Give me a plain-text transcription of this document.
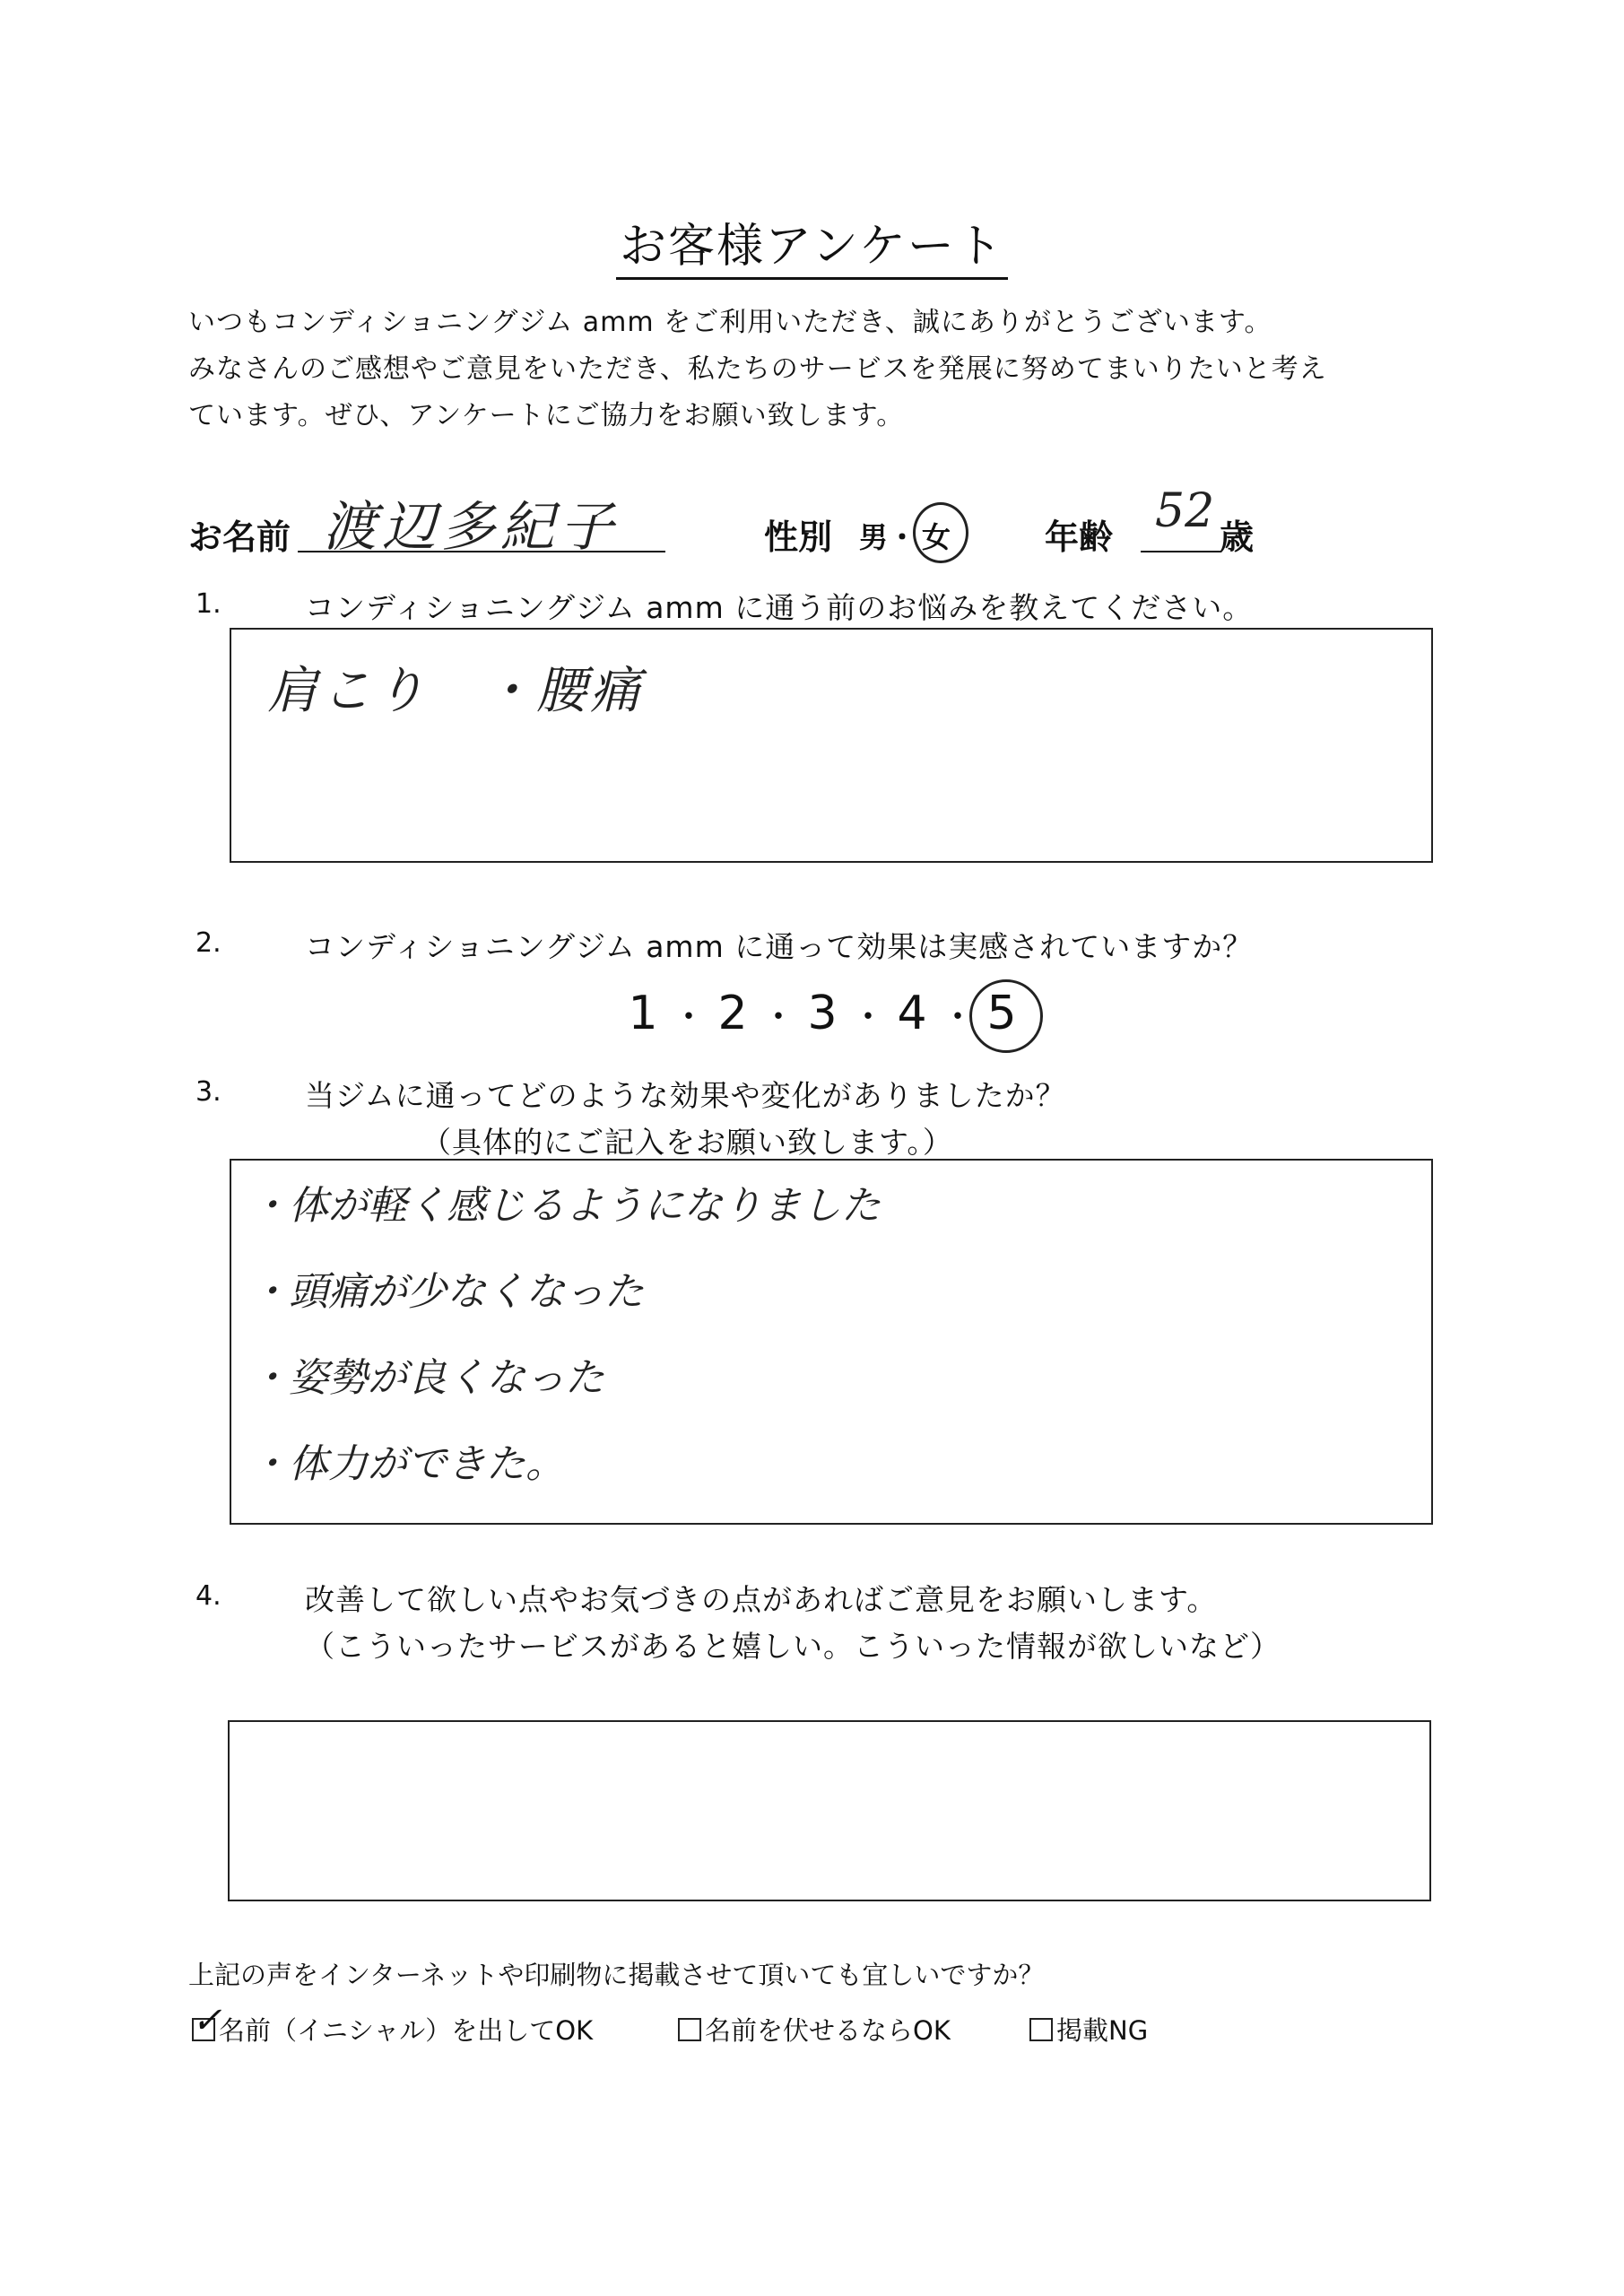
お客様アンケート
いつもコンディショニングジム amm をご利用いただき、誠にありがとうございます。
みなさんのご感想やご意見をいただき、私たちのサービスを発展に努めてまいりたいと考え
ています。ぜひ、アンケートにご協力をお願い致します。
お名前 渡辺多紀子	性別 男・ 女	年齢 52 歳
1.	コンディショニングジム amm に通う前のお悩みを教えてください。
肩こり　・腰痛
2.	コンディショニングジム amm に通って効果は実感されていますか？
1 ・ 2 ・ 3 ・ 4 ・ 5
3.	当ジムに通ってどのような効果や変化がありましたか？
（具体的にご記入をお願い致します。）
・体が軽く感じるようになりました
・頭痛が少なくなった
・姿勢が良くなった
・体力ができた。
4.	改善して欲しい点やお気づきの点があればご意見をお願いします。
（こういったサービスがあると嬉しい。こういった情報が欲しいなど）
上記の声をインターネットや印刷物に掲載させて頂いても宜しいですか？
✓
名前（イニシャル）を出してOK	名前を伏せるならOK	掲載NG
